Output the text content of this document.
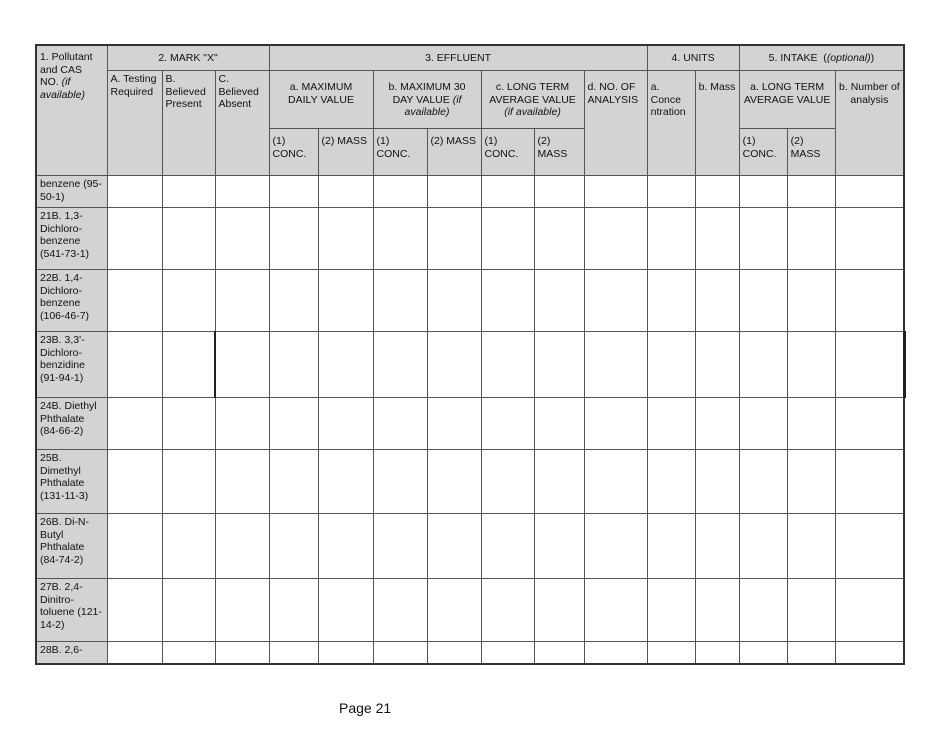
1. Pollutant and CAS NO. (if available)	2. MARK "X"			3. EFFLUENT							4. UNITS		5. INTAKE  ((optional))		
	A. Testing Required	B. Believed Present	C. Believed Absent	a. MAXIMUM DAILY VALUE		b. MAXIMUM 30 DAY VALUE (if available)		c. LONG TERM AVERAGE VALUE (if available)		d. NO. OF ANALYSIS	a. Conce ntration	b. Mass	a. LONG TERM AVERAGE VALUE		b. Number of analysis
				(1) CONC.	(2) MASS	(1) CONC.	(2) MASS	(1) CONC.	(2) MASS				(1) CONC.	(2) MASS	
benzene (95-50-1)															
21B. 1,3-Dichloro-benzene (541-73-1)															
22B. 1,4-Dichloro-benzene (106-46-7)															
23B. 3,3'-Dichloro-benzidine (91-94-1)															
24B. Diethyl Phthalate (84-66-2)															
25B. Dimethyl Phthalate (131-11-3)															
26B. Di-N-Butyl Phthalate (84-74-2)															
27B. 2,4-Dinitro-toluene (121-14-2)															
28B. 2,6-															
Page 21
